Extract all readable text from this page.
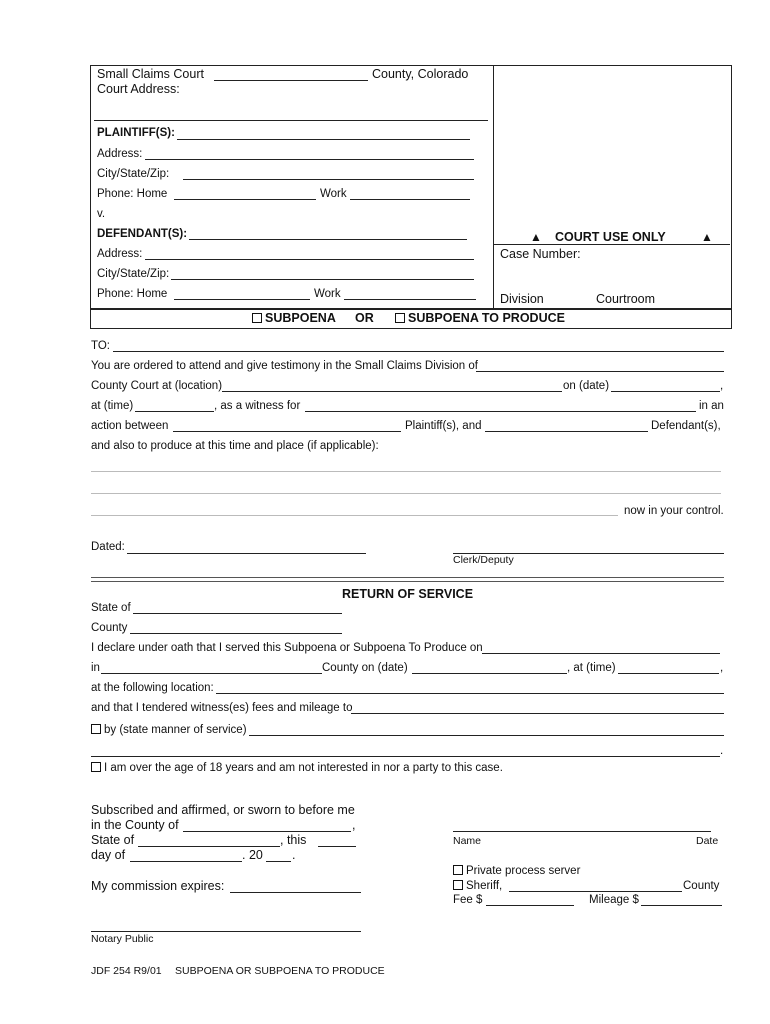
Small Claims Court	County, Colorado
Court Address:
PLAINTIFF(S):
Address:
City/State/Zip:
Phone: Home	Work
v.
DEFENDANT(S):
Address:
City/State/Zip:
Phone: Home	Work
▲ COURT USE ONLY	▲
Case Number:
Division	Courtroom
SUBPOENA OR	SUBPOENA TO PRODUCE
TO:
You are ordered to attend and give testimony in the Small Claims Division of
County Court at (location)	on (date)	,
at (time)	, as a witness for	in an
action between	Plaintiff(s), and	Defendant(s),
and also to produce at this time and place (if applicable):
now in your control.
Dated:
Clerk/Deputy
RETURN OF SERVICE
State of
County
I declare under oath that I served this Subpoena or Subpoena To Produce on
in	County on (date)	, at (time)	,
at the following location:
and that I tendered witness(es) fees and mileage to
by (state manner of service)
.
I am over the age of 18 years and am not interested in nor a party to this case.
Subscribed and affirmed, or sworn to before me
in the County of	,
State of	, this
day of	. 20 .
My commission expires:
Notary Public
Name	Date
Private process server
Sheriff,	County
Fee $	Mileage $
JDF 254 R9/01 SUBPOENA OR SUBPOENA TO PRODUCE
